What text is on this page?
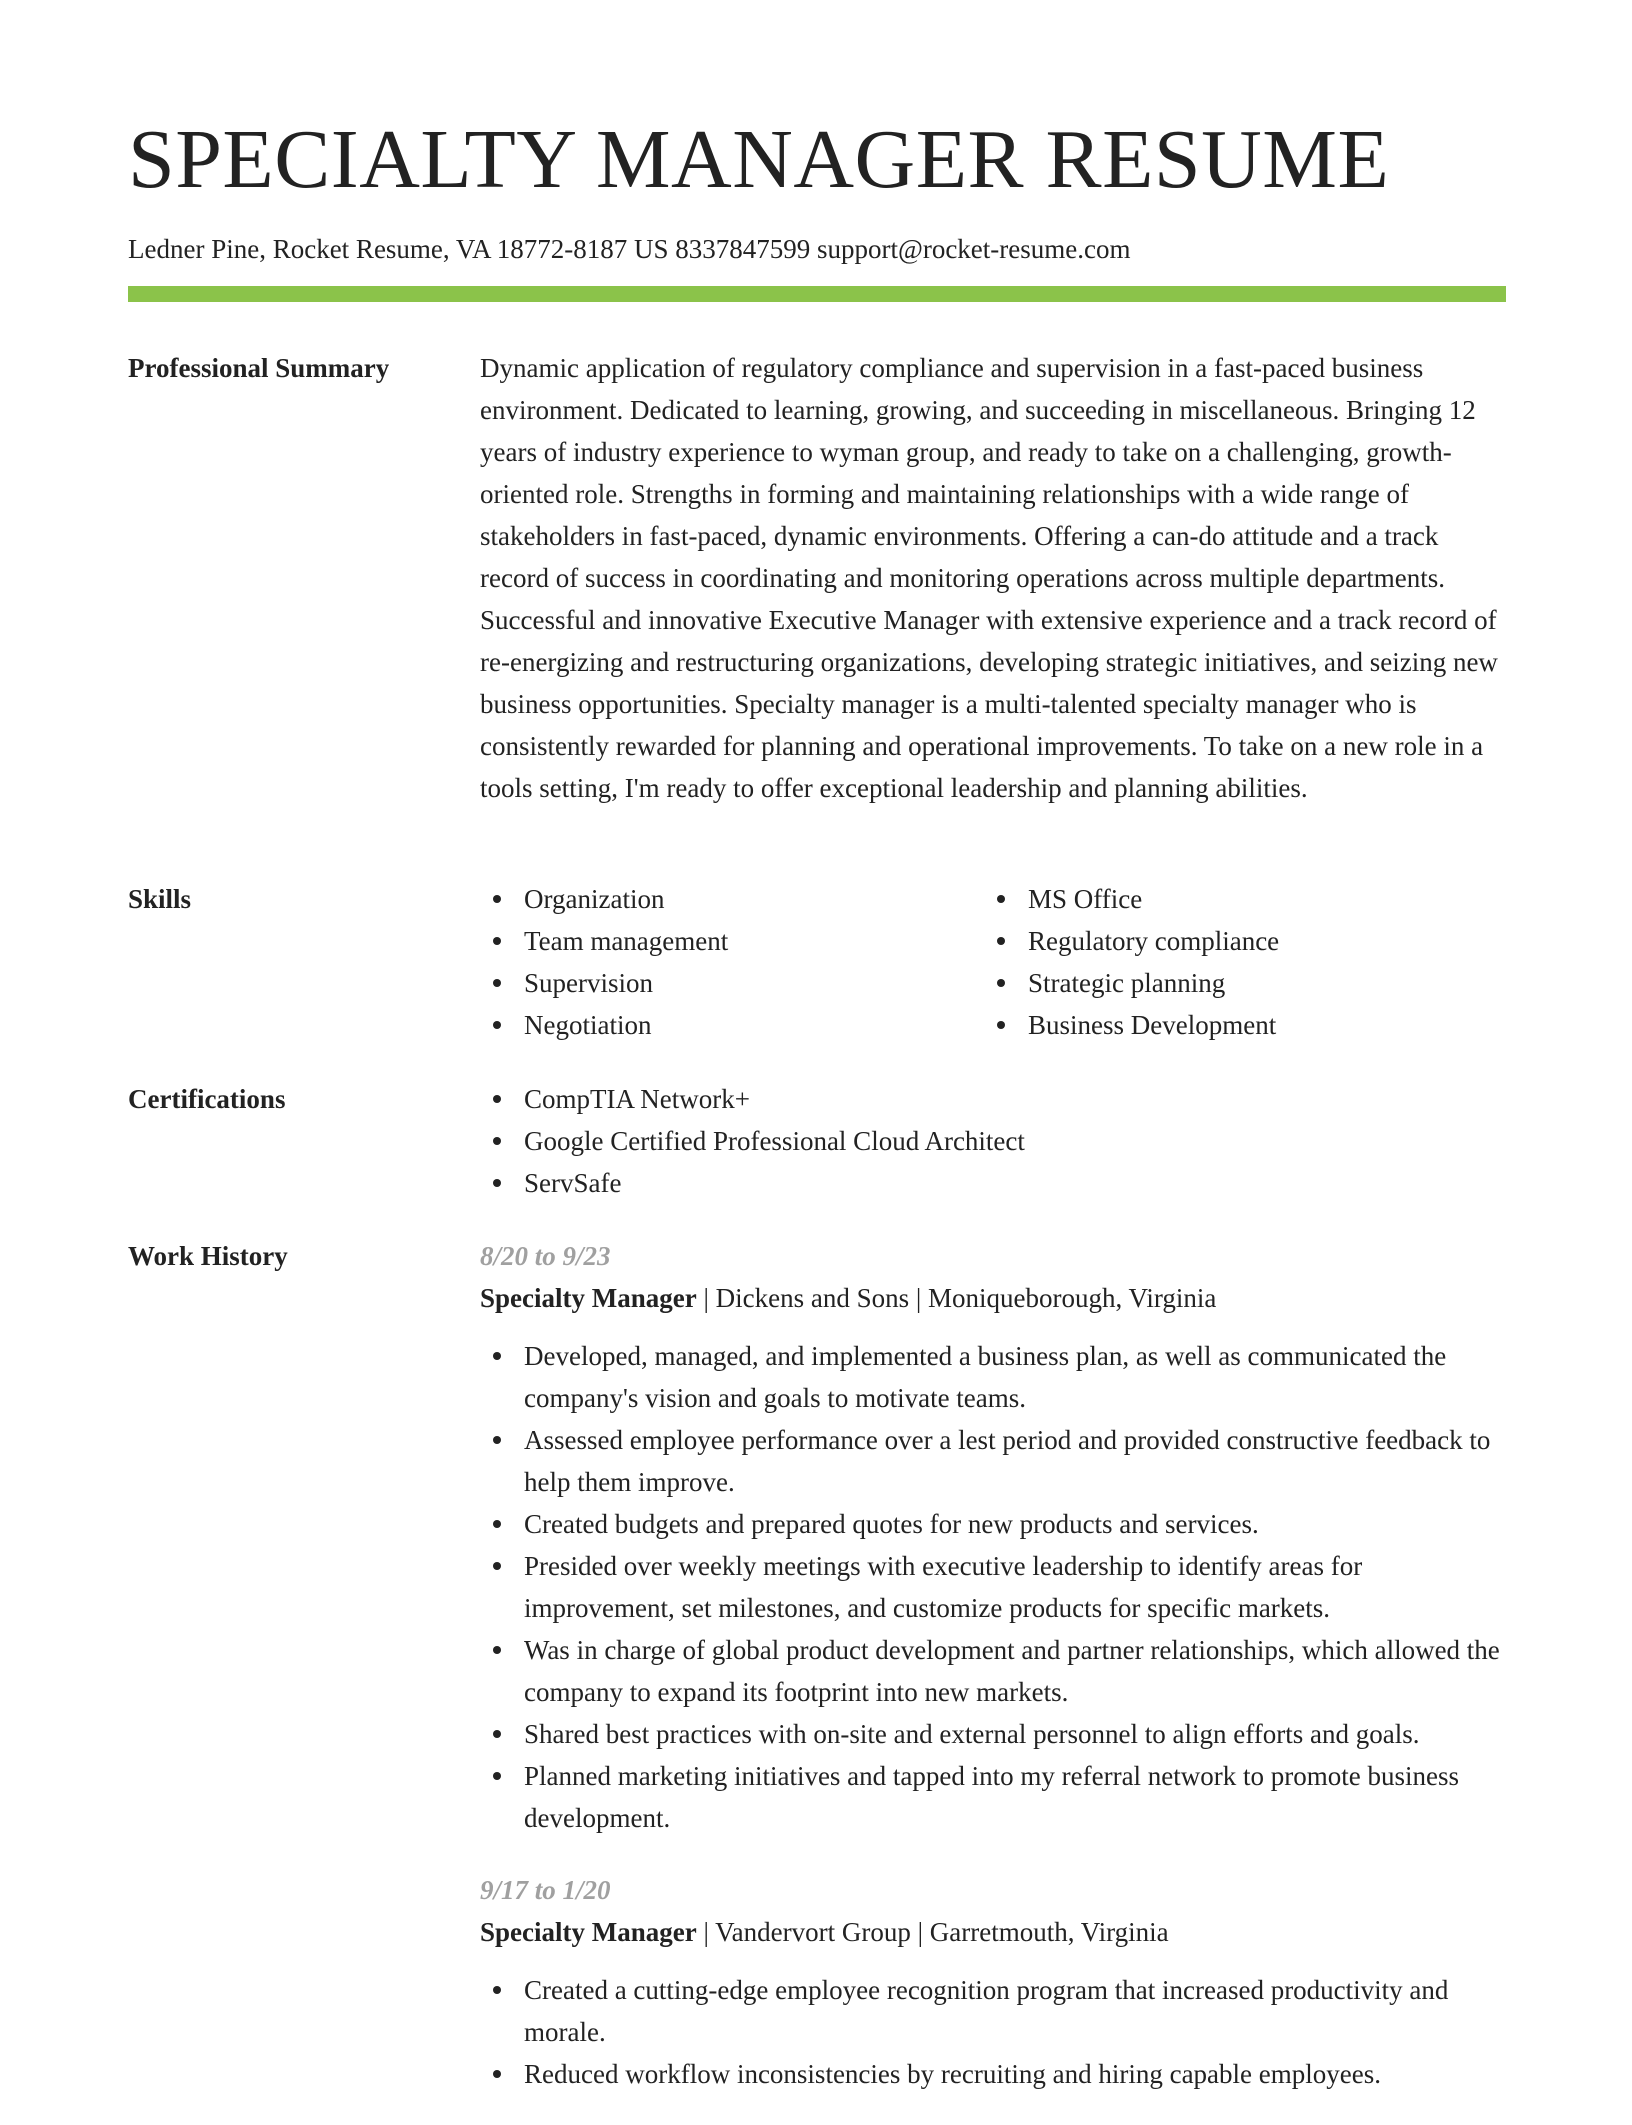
SPECIALTY MANAGER RESUME
Ledner Pine, Rocket Resume, VA 18772-8187 US 8337847599 support@rocket-resume.com
Professional Summary	Dynamic application of regulatory compliance and supervision in a fast-paced business environment. Dedicated to learning, growing, and succeeding in miscellaneous. Bringing 12 years of industry experience to wyman group, and ready to take on a challenging, growth-oriented role. Strengths in forming and maintaining relationships with a wide range of stakeholders in fast-paced, dynamic environments. Offering a can-do attitude and a track record of success in coordinating and monitoring operations across multiple departments. Successful and innovative Executive Manager with extensive experience and a track record of re-energizing and restructuring organizations, developing strategic initiatives, and seizing new business opportunities. Specialty manager is a multi-talented specialty manager who is consistently rewarded for planning and operational improvements. To take on a new role in a tools setting, I'm ready to offer exceptional leadership and planning abilities.

Skills	Organization
Team management
Supervision
Negotiation
MS Office
Regulatory compliance
Strategic planning
Business Development
Certifications	CompTIA Network+
Google Certified Professional Cloud Architect
ServSafe
Work History	8/20 to 9/23
Specialty Manager | Dickens and Sons | Moniqueborough, Virginia
Developed, managed, and implemented a business plan, as well as communicated the company's vision and goals to motivate teams.
Assessed employee performance over a lest period and provided constructive feedback to help them improve.
Created budgets and prepared quotes for new products and services.
Presided over weekly meetings with executive leadership to identify areas for improvement, set milestones, and customize products for specific markets.
Was in charge of global product development and partner relationships, which allowed the company to expand its footprint into new markets.
Shared best practices with on-site and external personnel to align efforts and goals.
Planned marketing initiatives and tapped into my referral network to promote business development.
9/17 to 1/20
Specialty Manager | Vandervort Group | Garretmouth, Virginia
Created a cutting-edge employee recognition program that increased productivity and morale.
Reduced workflow inconsistencies by recruiting and hiring capable employees.
